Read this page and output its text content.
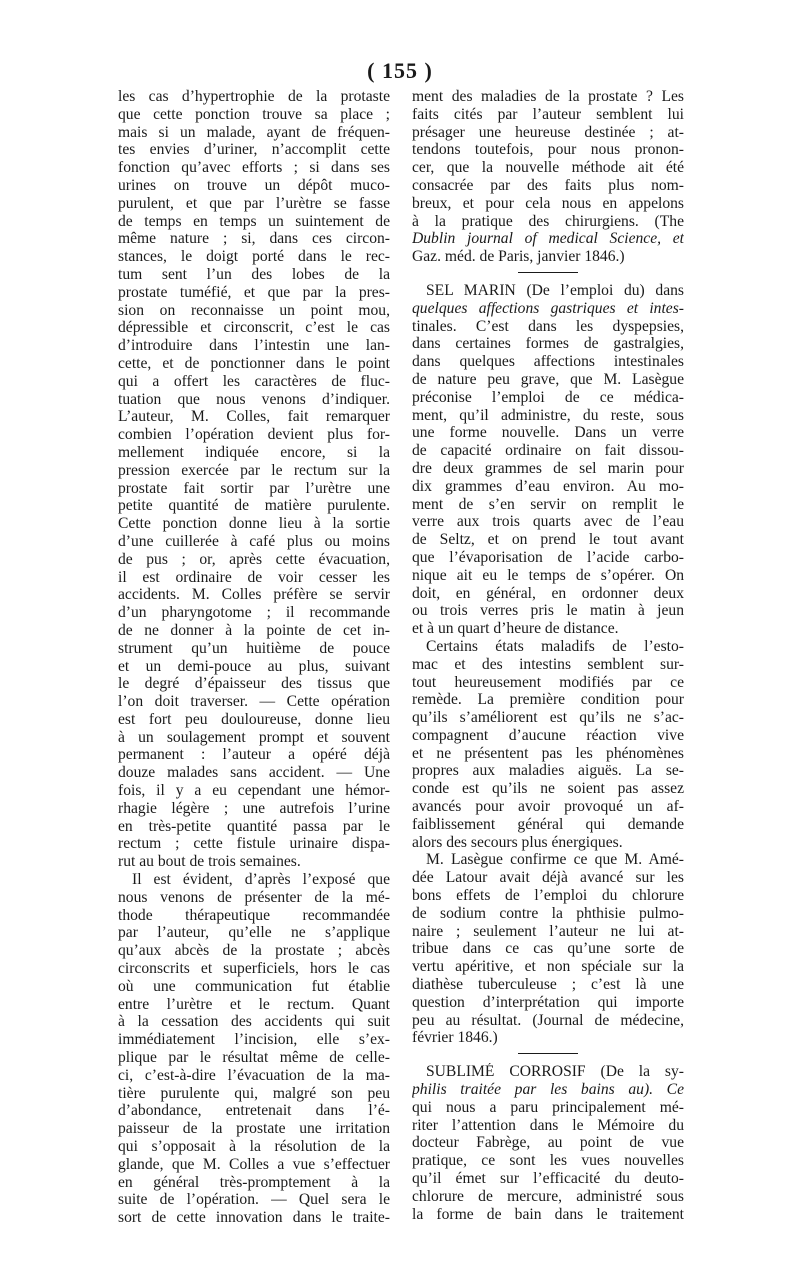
( 155 )
les cas d’hypertrophie de la protaste
que cette ponction trouve sa place ;
mais si un malade, ayant de fréquen-
tes envies d’uriner, n’accomplit cette
fonction qu’avec efforts ; si dans ses
urines on trouve un dépôt muco-
purulent, et que par l’urètre se fasse
de temps en temps un suintement de
même nature ; si, dans ces circon-
stances, le doigt porté dans le rec-
tum sent l’un des lobes de la
prostate tuméfié, et que par la pres-
sion on reconnaisse un point mou,
dépressible et circonscrit, c’est le cas
d’introduire dans l’intestin une lan-
cette, et de ponctionner dans le point
qui a offert les caractères de fluc-
tuation que nous venons d’indiquer.
L’auteur, M. Colles, fait remarquer
combien l’opération devient plus for-
mellement indiquée encore, si la
pression exercée par le rectum sur la
prostate fait sortir par l’urètre une
petite quantité de matière purulente.
Cette ponction donne lieu à la sortie
d’une cuillerée à café plus ou moins
de pus ; or, après cette évacuation,
il est ordinaire de voir cesser les
accidents. M. Colles préfère se servir
d’un pharyngotome ; il recommande
de ne donner à la pointe de cet in-
strument qu’un huitième de pouce
et un demi-pouce au plus, suivant
le degré d’épaisseur des tissus que
l’on doit traverser. — Cette opération
est fort peu douloureuse, donne lieu
à un soulagement prompt et souvent
permanent : l’auteur a opéré déjà
douze malades sans accident. — Une
fois, il y a eu cependant une hémor-
rhagie légère ; une autrefois l’urine
en très-petite quantité passa par le
rectum ; cette fistule urinaire dispa-
rut au bout de trois semaines.
Il est évident, d’après l’exposé que
nous venons de présenter de la mé-
thode thérapeutique recommandée
par l’auteur, qu’elle ne s’applique
qu’aux abcès de la prostate ; abcès
circonscrits et superficiels, hors le cas
où une communication fut établie
entre l’urètre et le rectum. Quant
à la cessation des accidents qui suit
immédiatement l’incision, elle s’ex-
plique par le résultat même de celle-
ci, c’est-à-dire l’évacuation de la ma-
tière purulente qui, malgré son peu
d’abondance, entretenait dans l’é-
paisseur de la prostate une irritation
qui s’opposait à la résolution de la
glande, que M. Colles a vue s’effectuer
en général très-promptement à la
suite de l’opération. — Quel sera le
sort de cette innovation dans le traite-
ment des maladies de la prostate ? Les
faits cités par l’auteur semblent lui
présager une heureuse destinée ; at-
tendons toutefois, pour nous pronon-
cer, que la nouvelle méthode ait été
consacrée par des faits plus nom-
breux, et pour cela nous en appelons
à la pratique des chirurgiens. (The
Dublin journal of medical Science, et
Gaz. méd. de Paris, janvier 1846.)
SEL MARIN (De l’emploi du) dans
quelques affections gastriques et intes-
tinales. C’est dans les dyspepsies,
dans certaines formes de gastralgies,
dans quelques affections intestinales
de nature peu grave, que M. Lasègue
préconise l’emploi de ce médica-
ment, qu’il administre, du reste, sous
une forme nouvelle. Dans un verre
de capacité ordinaire on fait dissou-
dre deux grammes de sel marin pour
dix grammes d’eau environ. Au mo-
ment de s’en servir on remplit le
verre aux trois quarts avec de l’eau
de Seltz, et on prend le tout avant
que l’évaporisation de l’acide carbo-
nique ait eu le temps de s’opérer. On
doit, en général, en ordonner deux
ou trois verres pris le matin à jeun
et à un quart d’heure de distance.
Certains états maladifs de l’esto-
mac et des intestins semblent sur-
tout heureusement modifiés par ce
remède. La première condition pour
qu’ils s’améliorent est qu’ils ne s’ac-
compagnent d’aucune réaction vive
et ne présentent pas les phénomènes
propres aux maladies aiguës. La se-
conde est qu’ils ne soient pas assez
avancés pour avoir provoqué un af-
faiblissement général qui demande
alors des secours plus énergiques.
M. Lasègue confirme ce que M. Amé-
dée Latour avait déjà avancé sur les
bons effets de l’emploi du chlorure
de sodium contre la phthisie pulmo-
naire ; seulement l’auteur ne lui at-
tribue dans ce cas qu’une sorte de
vertu apéritive, et non spéciale sur la
diathèse tuberculeuse ; c’est là une
question d’interprétation qui importe
peu au résultat. (Journal de médecine,
février 1846.)
SUBLIMÉ CORROSIF (De la sy-
philis traitée par les bains au). Ce
qui nous a paru principalement mé-
riter l’attention dans le Mémoire du
docteur Fabrège, au point de vue
pratique, ce sont les vues nouvelles
qu’il émet sur l’efficacité du deuto-
chlorure de mercure, administré sous
la forme de bain dans le traitement
